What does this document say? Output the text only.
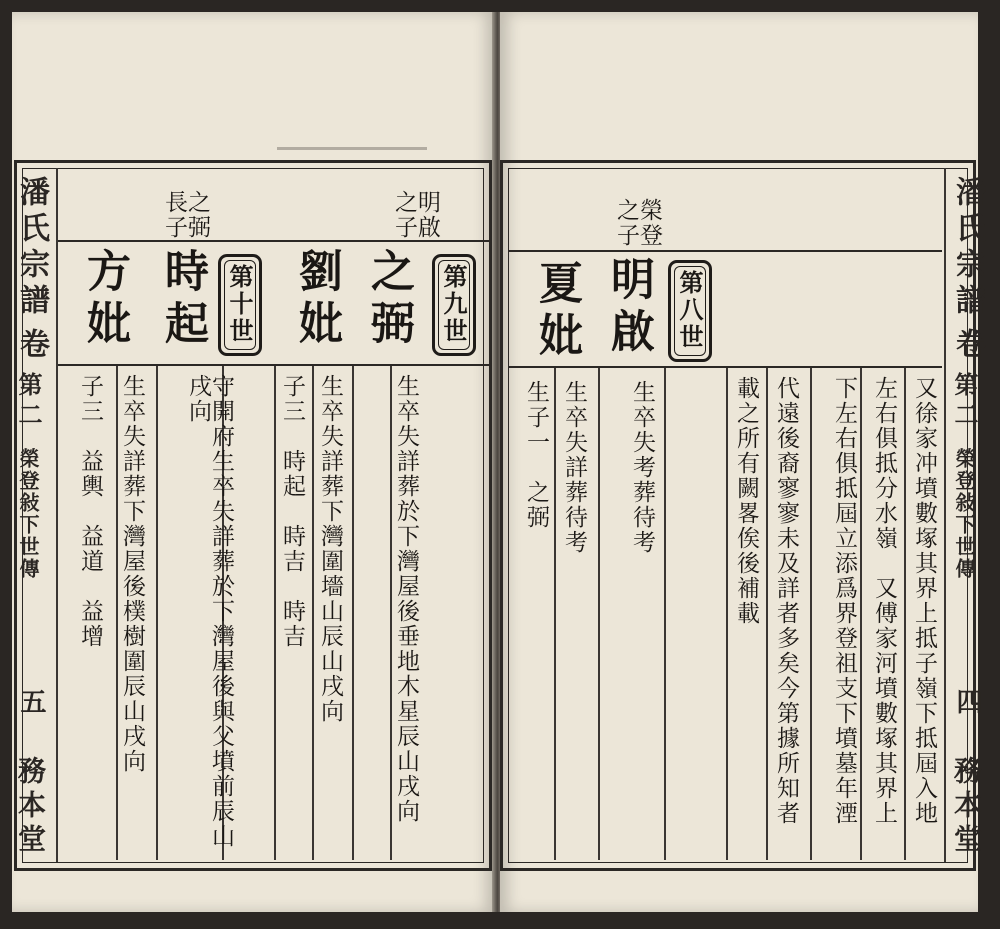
潘氏宗譜
卷
第二
榮登敍下世傳
五
務本堂
明啟之子
之弼 第九世
劉妣
生卒失詳葬於下灣屋後垂地木星辰山戌向
生卒失詳葬下灣圍墻山辰山戌向
子三　時起　時吉　時吉
之弼長子
時起 第十世
方妣
守開府生卒失詳葬於下灣屋後與父墳前辰山戌向
生卒失詳葬下灣屋後樸樹圍辰山戌向
子三　益輿　益道　益增
潘氏宗譜
卷
第二
榮登敍下世傳
四
務本堂
榮登之子
明啟 第八世
夏妣
生卒失考葬待考
生卒失詳葬待考
生子一　之弼	又徐家冲墳數塚其界上抵子嶺下抵屆入地
左右俱抵分水嶺　又傅家河墳數塚其界上
下左右俱抵屆立添爲界登祖支下墳墓年湮
代遠後裔寥寥未及詳者多矣今第據所知者
載之所有闕畧俟後補載
